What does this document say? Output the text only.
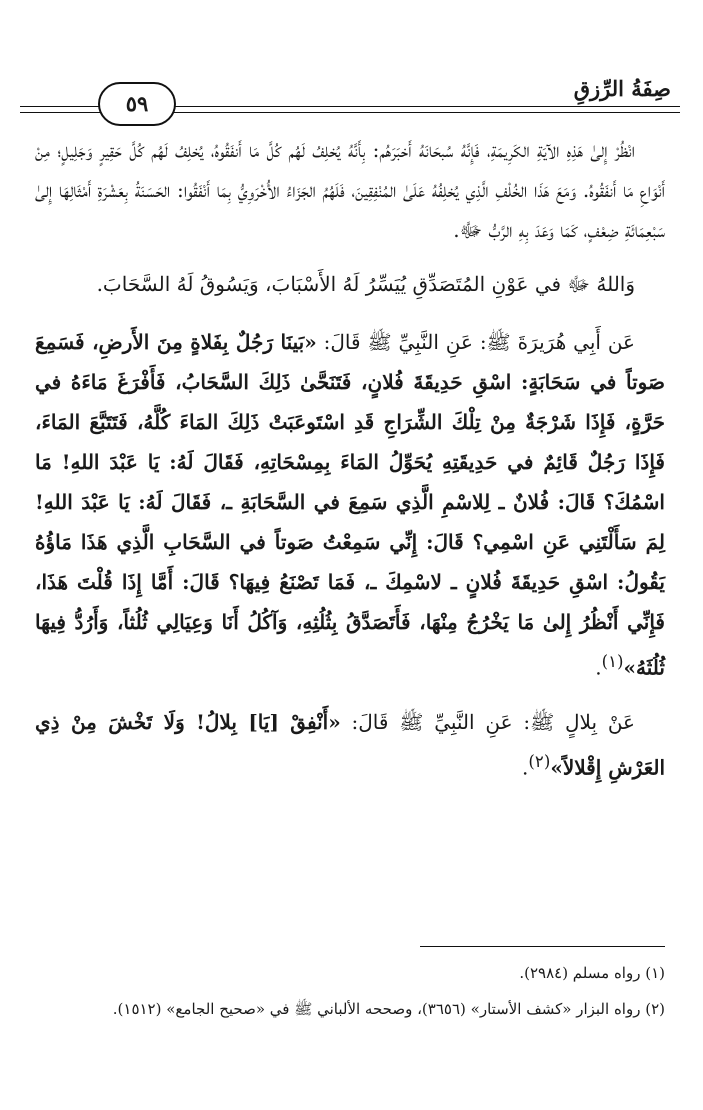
صِفَةُ الرِّزقِ
٥٩

انْظُرْ إِلىٰ هَذِهِ الآيَةِ الكَرِيمَةِ، فَإِنَّهُ سُبحَانَهُ أَخبَرَهُم: بِأَنَّهُ يُخلِفُ لَهُم كُلَّ مَا أَنفَقُوهُ، يُخلِفُ لَهُم كُلَّ حَقِيرٍ وَجَلِيلٍ؛ مِنْ أَنْوَاعِ مَا أَنفَقُوهُ. وَمَعَ هَذَا الخُلْفِ الَّذِي يُخلِفُهُ عَلَىٰ المُنْفِقِينَ، فَلَهُمُ الجَزَاءُ الأُخْرَوِيُّ بِمَا أَنْفَقُوا: الحَسَنَةُ بِعَشْرَةِ أَمْثَالِهَا إِلىٰ سَبْعِمَائَةِ ضِعْفٍ، كَمَا وَعَدَ بِهِ الرَّبُّ ﷻ.

وَاللهُ ﷻ في عَوْنِ المُتَصَدِّقِ يُيَسِّرُ لَهُ الأَسْبَابَ، وَيَسُوقُ لَهُ السَّحَابَ.

عَن أَبِي هُرَيرَةَ ﷺ: عَنِ النَّبِيِّ ﷺ قَالَ: «بَينَا رَجُلٌ بِفَلاةٍ مِنَ الأَرضِ، فَسَمِعَ صَوتاً في سَحَابَةٍ: اسْقِ حَدِيقَةَ فُلانٍ، فَتَنَحَّىٰ ذَلِكَ السَّحَابُ، فَأَفْرَغَ مَاءَهُ في حَرَّةٍ، فَإِذَا شَرْجَةٌ مِنْ تِلْكَ الشِّرَاجِ قَدِ اسْتَوعَبَتْ ذَلِكَ المَاءَ كُلَّهُ، فَتَتَبَّعَ المَاءَ، فَإِذَا رَجُلٌ قَائِمٌ في حَدِيقَتِهِ يُحَوِّلُ المَاءَ بِمِسْحَاتِهِ، فَقَالَ لَهُ: يَا عَبْدَ اللهِ! مَا اسْمُكَ؟ قَالَ: فُلانٌ ـ لِلاسْمِ الَّذِي سَمِعَ في السَّحَابَةِ ـ، فَقَالَ لَهُ: يَا عَبْدَ اللهِ! لِمَ سَأَلْتَنِي عَنِ اسْمِي؟ قَالَ: إِنِّي سَمِعْتُ صَوتاً في السَّحَابِ الَّذِي هَذَا مَاؤُهُ يَقُولُ: اسْقِ حَدِيقَةَ فُلانٍ ـ لاسْمِكَ ـ، فَمَا تَصْنَعُ فِيهَا؟ قَالَ: أَمَّا إِذَا قُلْتَ هَذَا، فَإِنِّي أَنْظُرُ إِلىٰ مَا يَخْرُجُ مِنْهَا، فَأَتَصَدَّقُ بِثُلُثِهِ، وَآكُلُ أَنَا وَعِيَالِي ثُلُثاً، وَأَرُدُّ فِيهَا ثُلُثَهُ»$^{(١)}$.

عَنْ بِلالٍ ﷺ: عَنِ النَّبِيِّ ﷺ قَالَ: «أَنْفِقْ [يَا] بِلالُ! وَلَا تَخْشَ مِنْ ذِي العَرْشِ إِقْلالاً»$^{(٢)}$.

(١) رواه مسلم (٢٩٨٤).

(٢) رواه البزار «كشف الأستار» (٣٦٥٦)، وصححه الألباني ﷺ في «صحيح الجامع» (١٥١٢).
